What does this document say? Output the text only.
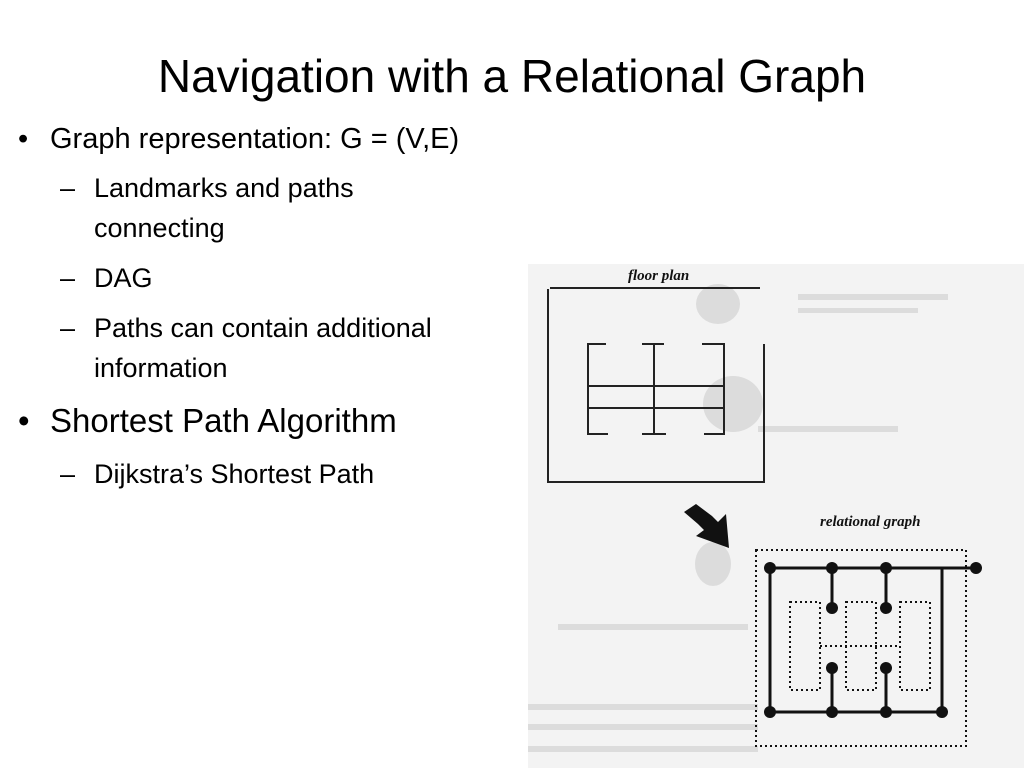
Navigation with a Relational Graph
• Graph representation: G = (V,E)
– Landmarks and paths connecting
– DAG
– Paths can contain additional information
• Shortest Path Algorithm
– Dijkstra’s Shortest Path
floor plan
relational graph
